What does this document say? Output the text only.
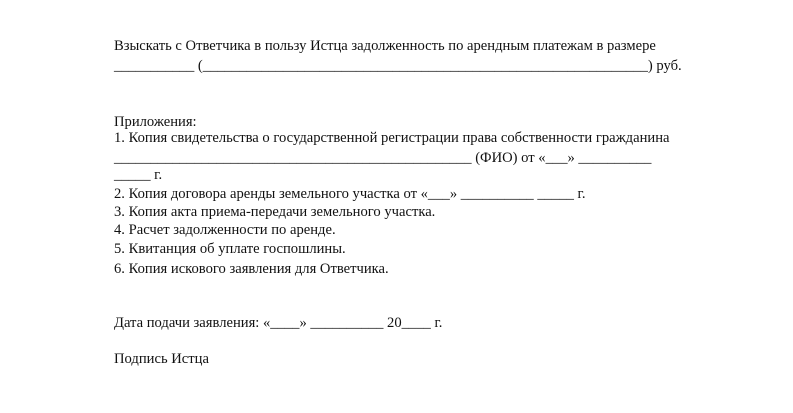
Взыскать с Ответчика в пользу Истца задолженность по арендным платежам в размере
___________ (_____________________________________________________________) руб.
Приложения:
1. Копия свидетельства о государственной регистрации права собственности гражданина
_________________________________________________ (ФИО) от «___» __________
_____ г.
2. Копия договора аренды земельного участка от «___» __________ _____ г.
3. Копия акта приема-передачи земельного участка.
4. Расчет задолженности по аренде.
5. Квитанция об уплате госпошлины.
6. Копия искового заявления для Ответчика.
Дата подачи заявления: «____» __________ 20____ г.
Подпись Истца
